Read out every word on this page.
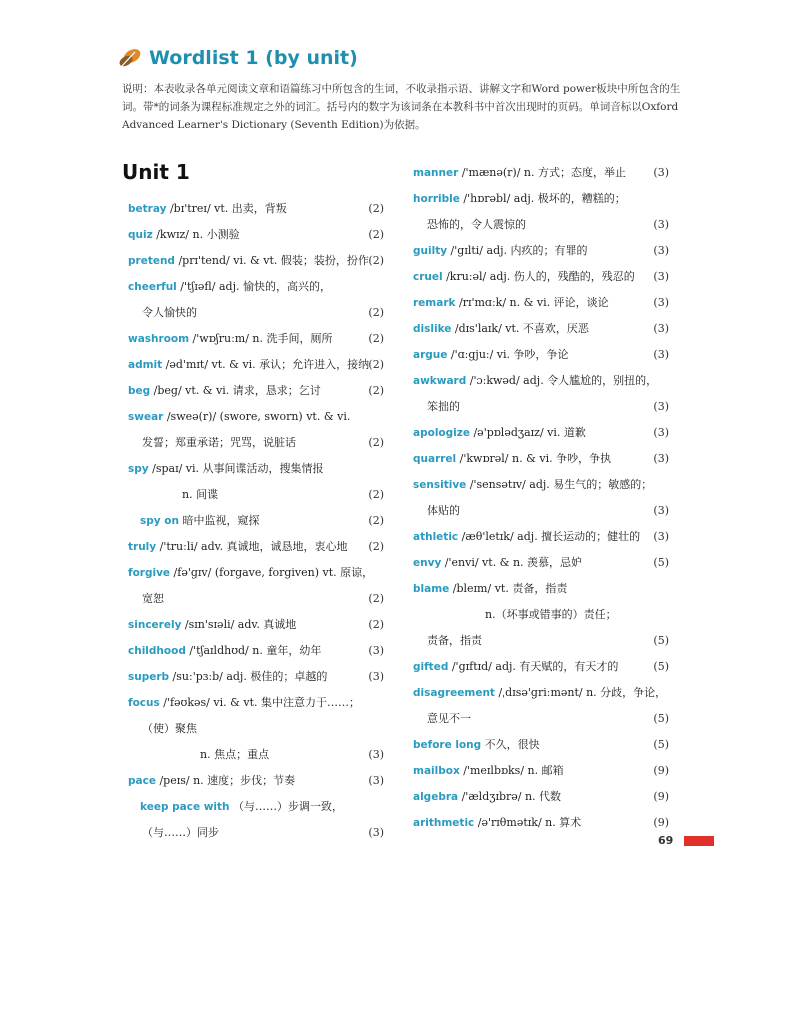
Wordlist 1 (by unit)
说明：本表收录各单元阅读文章和语篇练习中所包含的生词，不收录指示语、讲解文字和Word power板块中所包含的生词。带*的词条为课程标准规定之外的词汇。括号内的数字为该词条在本教科书中首次出现时的页码。单词音标以Oxford Advanced Learner's Dictionary (Seventh Edition)为依据。
Unit 1
betray /bɪ'treɪ/ vt. 出卖，背叛	(2)
quiz /kwɪz/ n. 小测验	(2)
pretend /prɪ'tend/ vi. & vt. 假装；装扮，扮作 (2)
cheerful /'tʃɪəfl/ adj. 愉快的，高兴的，
令人愉快的	(2)
washroom /'wɒʃruːm/ n. 洗手间，厕所	(2)
admit /əd'mɪt/ vt. & vi. 承认；允许进入，接纳 (2)
beg /beg/ vt. & vi. 请求，恳求；乞讨	(2)
swear /sweə(r)/ (swore, sworn) vt. & vi.
发誓；郑重承诺；咒骂，说脏话	(2)
spy /spaɪ/ vi. 从事间谍活动，搜集情报
n. 间谍	(2)
spy on 暗中监视，窥探	(2)
truly /'truːli/ adv. 真诚地，诚恳地，衷心地 (2)
forgive /fə'gɪv/ (forgave, forgiven) vt. 原谅，
宽恕	(2)
sincerely /sɪn'sɪəli/ adv. 真诚地	(2)
childhood /'tʃaɪldhʊd/ n. 童年，幼年	(3)
superb /suː'pɜːb/ adj. 极佳的；卓越的	(3)
focus /'fəʊkəs/ vi. & vt. 集中注意力于……；
（使）聚焦
n. 焦点；重点	(3)
pace /peɪs/ n. 速度；步伐；节奏	(3)
keep pace with （与……）步调一致，
（与……）同步	(3)
manner /'mænə(r)/ n. 方式；态度，举止 (3)
horrible /'hɒrəbl/ adj. 极坏的，糟糕的；
恐怖的，令人震惊的	(3)
guilty /'gɪlti/ adj. 内疚的；有罪的	(3)
cruel /kruːəl/ adj. 伤人的，残酷的，残忍的 (3)
remark /rɪ'mɑːk/ n. & vi. 评论，谈论	(3)
dislike /dɪs'laɪk/ vt. 不喜欢，厌恶	(3)
argue /'ɑːgjuː/ vi. 争吵，争论	(3)
awkward /'ɔːkwəd/ adj. 令人尴尬的，别扭的，
笨拙的	(3)
apologize /ə'pɒlədʒaɪz/ vi. 道歉	(3)
quarrel /'kwɒrəl/ n. & vi. 争吵，争执	(3)
sensitive /'sensətɪv/ adj. 易生气的；敏感的；
体贴的	(3)
athletic /æθ'letɪk/ adj. 擅长运动的；健壮的 (3)
envy /'envi/ vt. & n. 羡慕，忌妒	(5)
blame /bleɪm/ vt. 责备，指责
n.（坏事或错事的）责任；
责备，指责	(5)
gifted /'gɪftɪd/ adj. 有天赋的，有天才的	(5)
disagreement /ˌdɪsə'griːmənt/ n. 分歧，争论，
意见不一	(5)
before long 不久，很快	(5)
mailbox /'meɪlbɒks/ n. 邮箱	(9)
algebra /'ældʒɪbrə/ n. 代数	(9)
arithmetic /ə'rɪθmətɪk/ n. 算术	(9)
69
